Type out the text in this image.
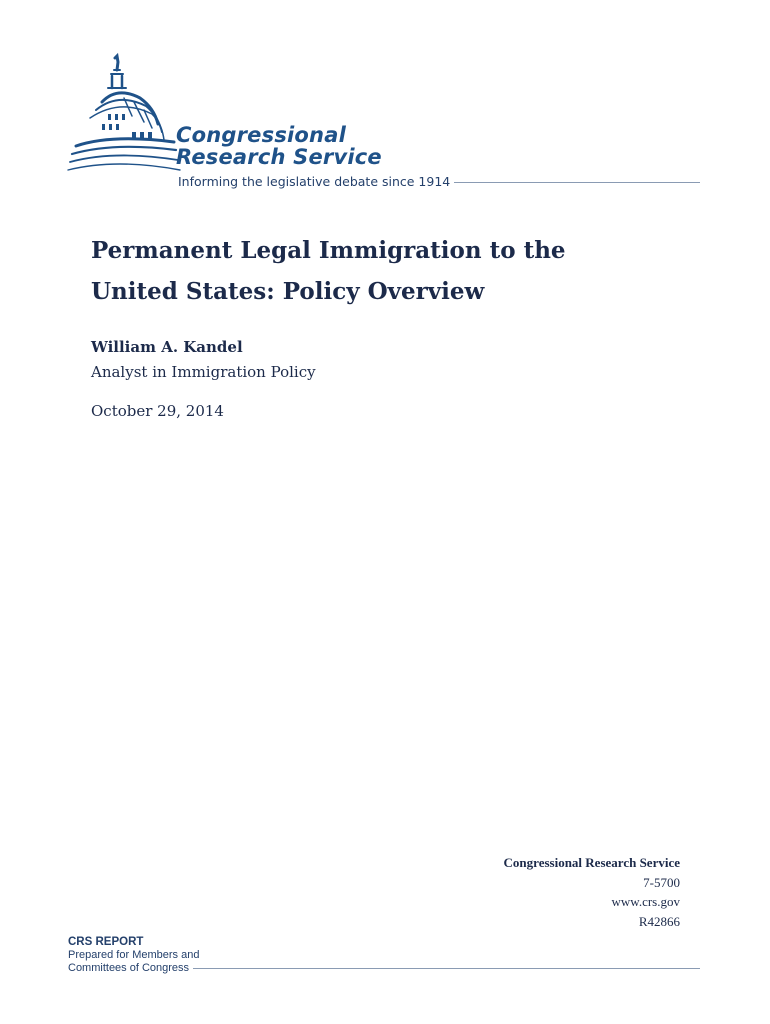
Congressional
Research Service
Informing the legislative debate since 1914
Permanent Legal Immigration to the
United States: Policy Overview
William A. Kandel
Analyst in Immigration Policy
October 29, 2014
Congressional Research Service
7-5700
www.crs.gov
R42866
CRS REPORT
Prepared for Members and
Committees of Congress
